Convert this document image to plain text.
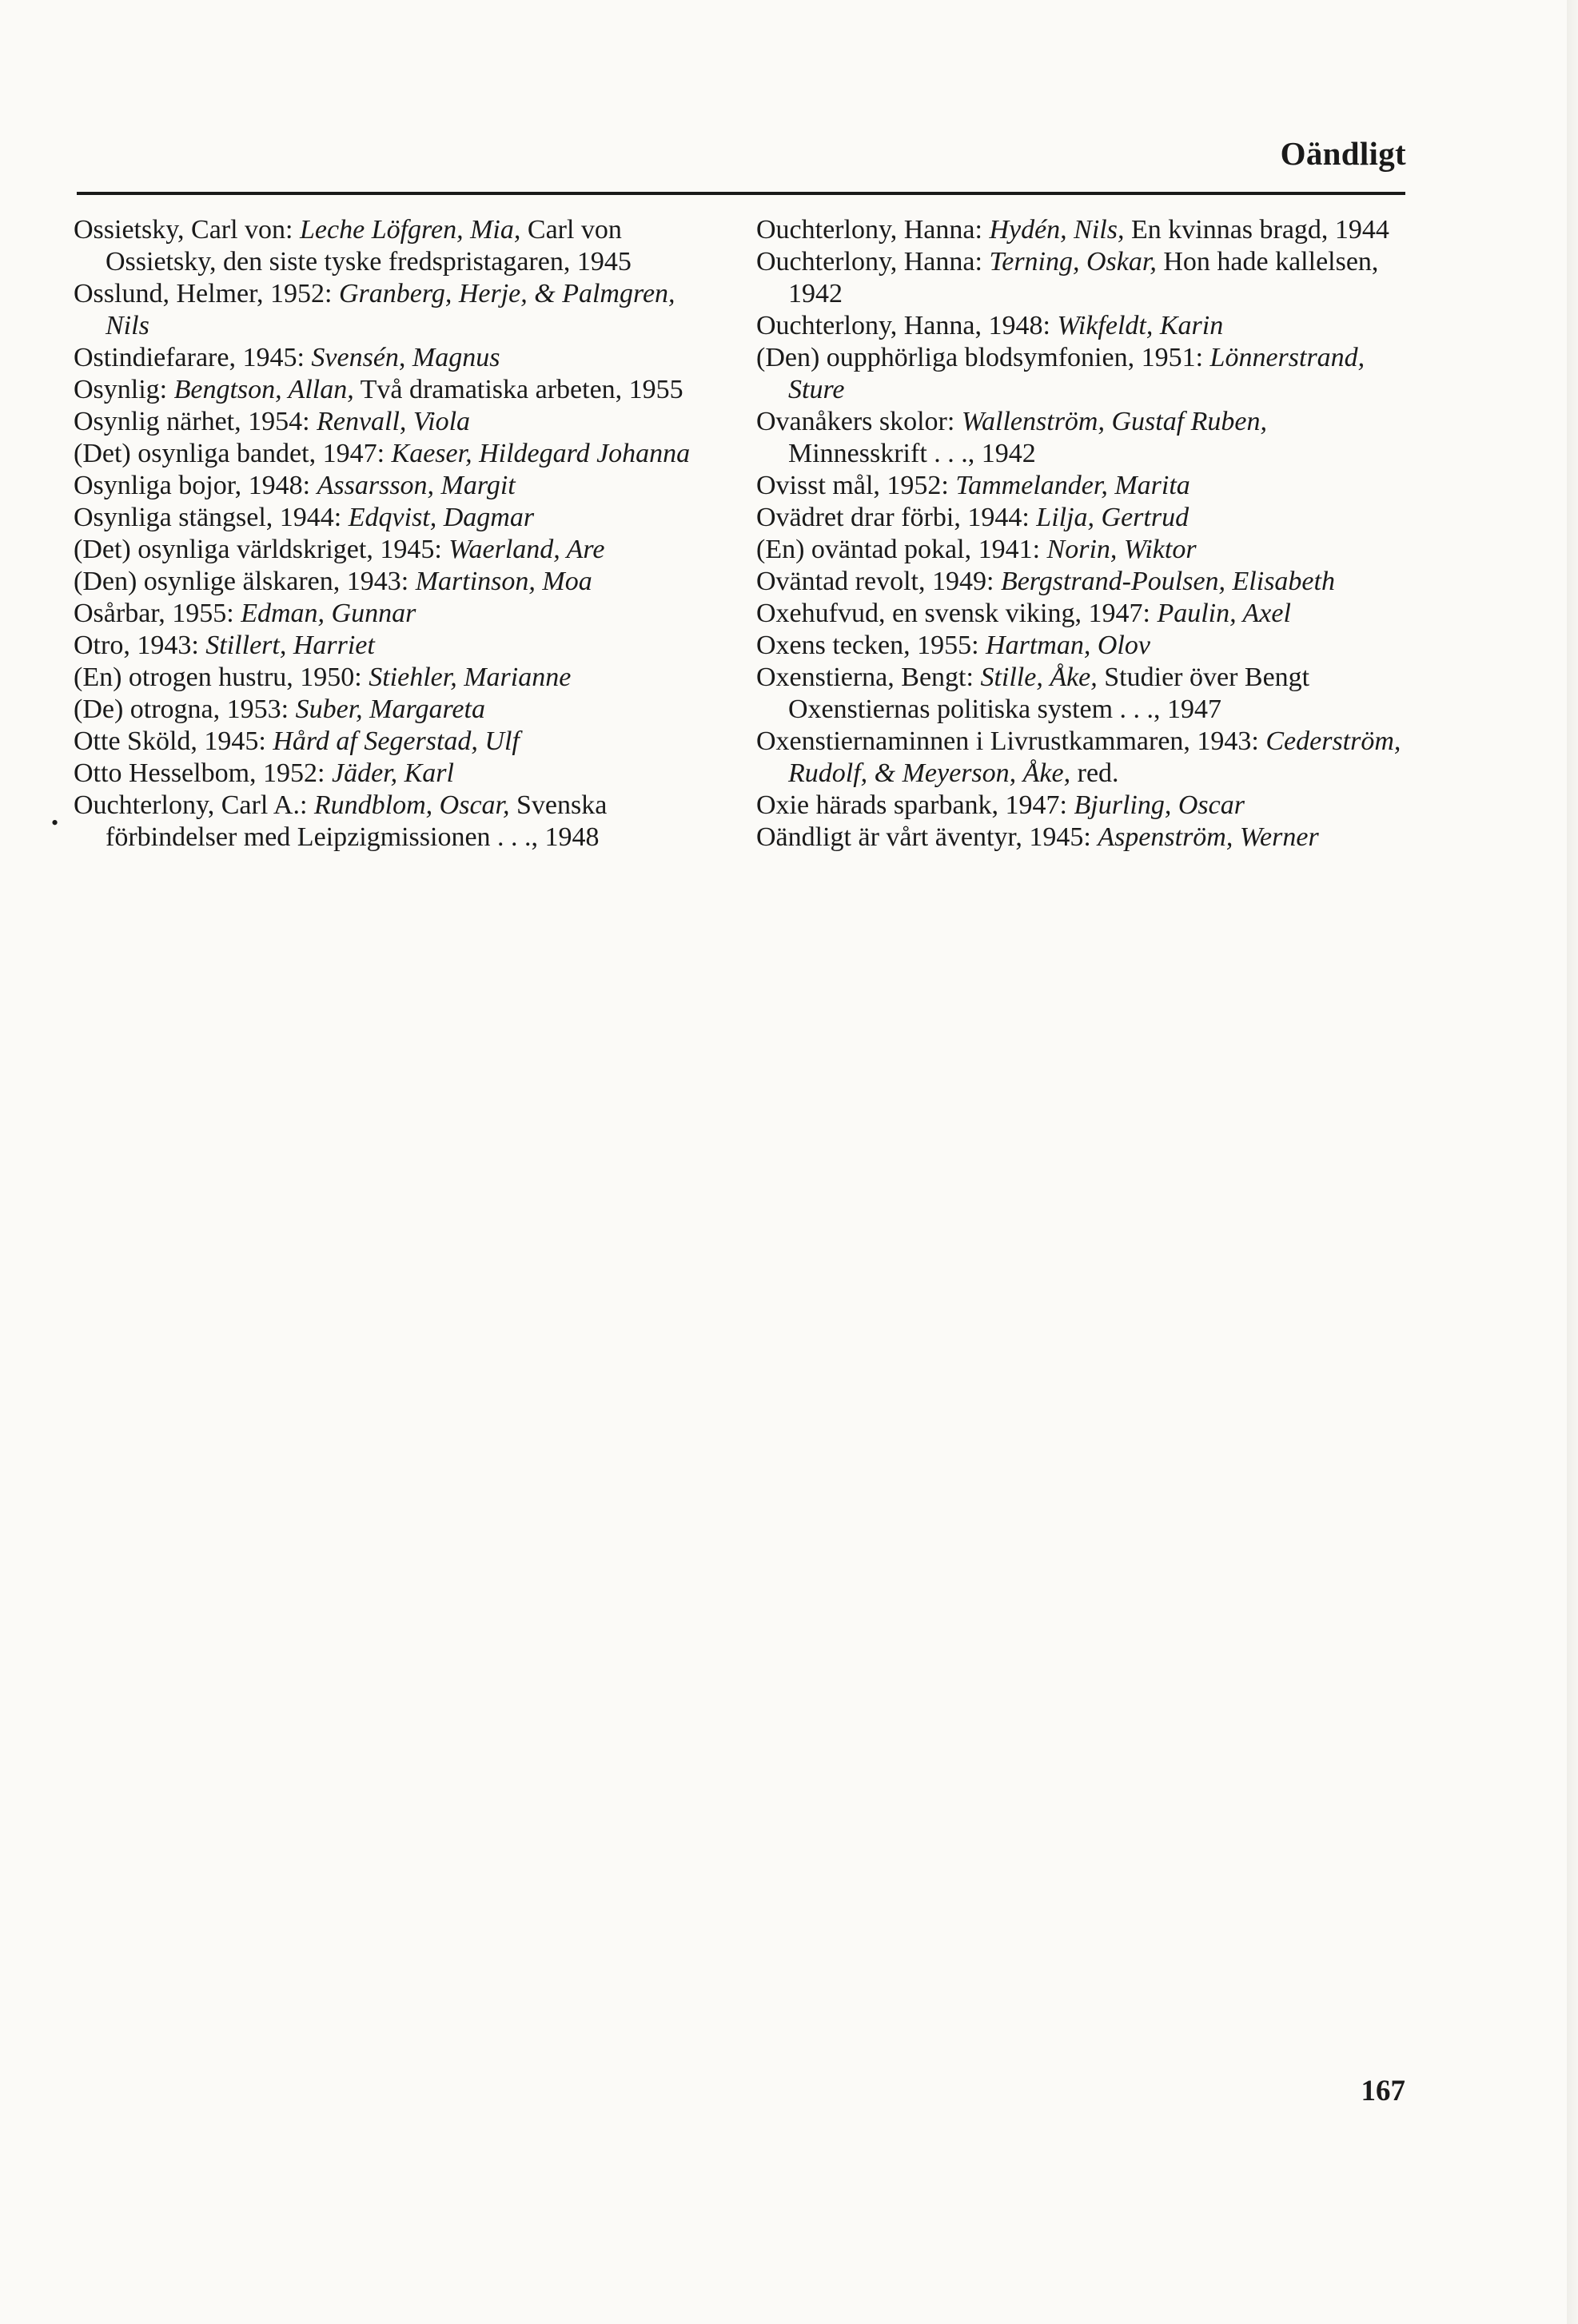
Oändligt
•

Ossietsky, Carl von: Leche Löfgren, Mia, Carl von Ossietsky, den siste tyske fredspristagaren, 1945

Osslund, Helmer, 1952: Granberg, Herje, & Palmgren, Nils

Ostindiefarare, 1945: Svensén, Magnus

Osynlig: Bengtson, Allan, Två dramatiska arbeten, 1955

Osynlig närhet, 1954: Renvall, Viola

(Det) osynliga bandet, 1947: Kaeser, Hildegard Johanna

Osynliga bojor, 1948: Assarsson, Margit

Osynliga stängsel, 1944: Edqvist, Dagmar

(Det) osynliga världskriget, 1945: Waerland, Are

(Den) osynlige älskaren, 1943: Martinson, Moa

Osårbar, 1955: Edman, Gunnar

Otro, 1943: Stillert, Harriet

(En) otrogen hustru, 1950: Stiehler, Marianne

(De) otrogna, 1953: Suber, Margareta

Otte Sköld, 1945: Hård af Segerstad, Ulf

Otto Hesselbom, 1952: Jäder, Karl

Ouchterlony, Carl A.: Rundblom, Oscar, Svenska förbindelser med Leipzigmissionen . . ., 1948

Ouchterlony, Hanna: Hydén, Nils, En kvinnas bragd, 1944

Ouchterlony, Hanna: Terning, Oskar, Hon hade kallelsen, 1942

Ouchterlony, Hanna, 1948: Wikfeldt, Karin

(Den) oupphörliga blodsymfonien, 1951: Lönnerstrand, Sture

Ovanåkers skolor: Wallenström, Gustaf Ruben, Minnesskrift . . ., 1942

Ovisst mål, 1952: Tammelander, Marita

Ovädret drar förbi, 1944: Lilja, Gertrud

(En) oväntad pokal, 1941: Norin, Wiktor

Oväntad revolt, 1949: Bergstrand-Poulsen, Elisabeth

Oxehufvud, en svensk viking, 1947: Paulin, Axel

Oxens tecken, 1955: Hartman, Olov

Oxenstierna, Bengt: Stille, Åke, Studier över Bengt Oxenstiernas politiska system . . ., 1947

Oxenstiernaminnen i Livrustkammaren, 1943: Cederström, Rudolf, & Meyerson, Åke, red.

Oxie härads sparbank, 1947: Bjurling, Oscar

Oändligt är vårt äventyr, 1945: Aspenström, Werner

167
